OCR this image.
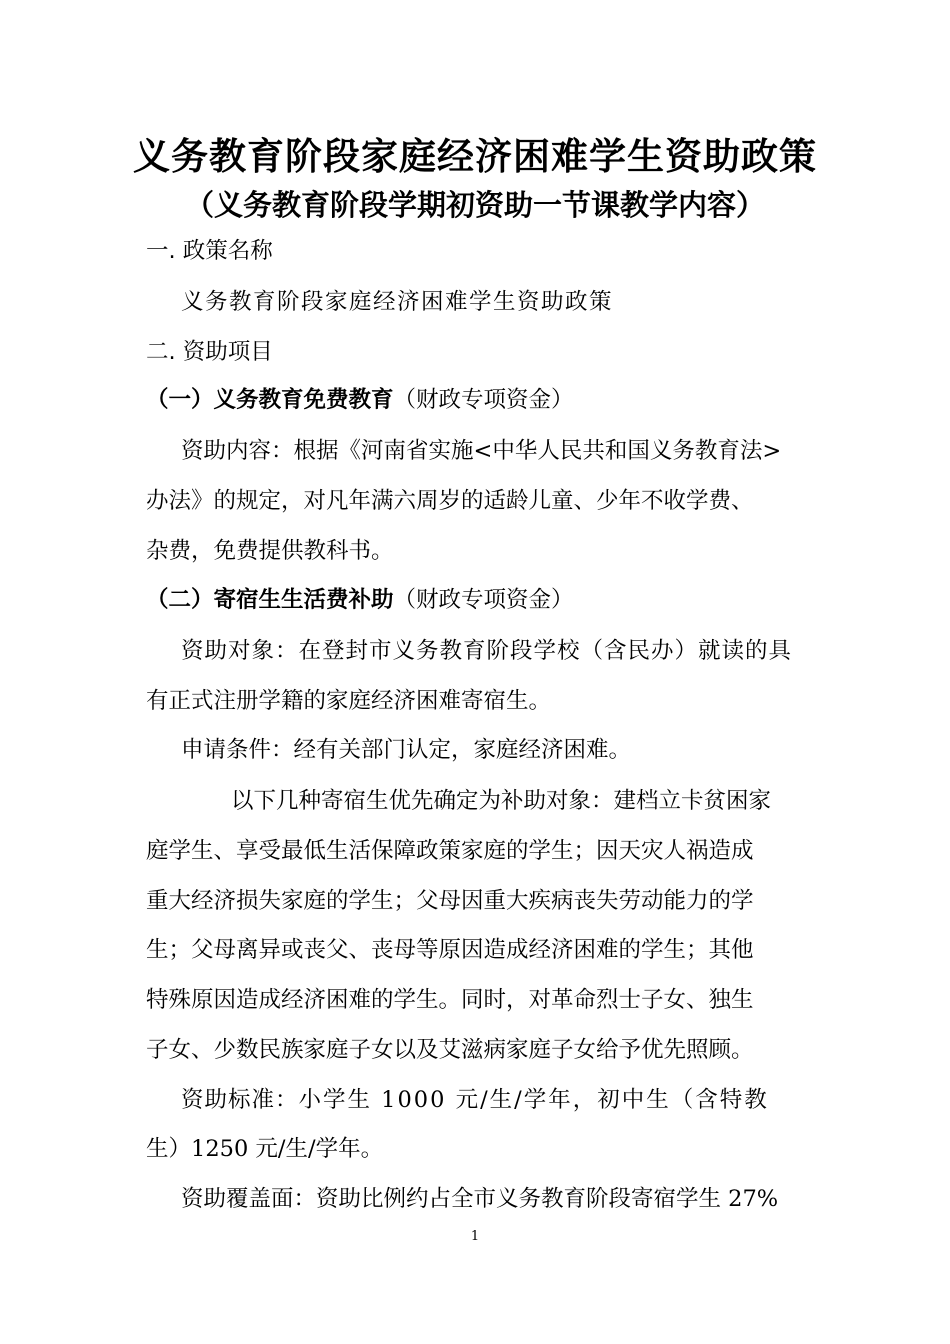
义务教育阶段家庭经济困难学生资助政策
（义务教育阶段学期初资助一节课教学内容）
一. 政策名称
义务教育阶段家庭经济困难学生资助政策
二. 资助项目
（一）义务教育免费教育（财政专项资金）
资助内容：根据《河南省实施<中华人民共和国义务教育法>
办法》的规定，对凡年满六周岁的适龄儿童、少年不收学费、
杂费，免费提供教科书。
（二）寄宿生生活费补助（财政专项资金）
资助对象：在登封市义务教育阶段学校（含民办）就读的具
有正式注册学籍的家庭经济困难寄宿生。
申请条件：经有关部门认定，家庭经济困难。
以下几种寄宿生优先确定为补助对象：建档立卡贫困家
庭学生、享受最低生活保障政策家庭的学生；因天灾人祸造成
重大经济损失家庭的学生；父母因重大疾病丧失劳动能力的学
生；父母离异或丧父、丧母等原因造成经济困难的学生；其他
特殊原因造成经济困难的学生。同时，对革命烈士子女、独生
子女、少数民族家庭子女以及艾滋病家庭子女给予优先照顾。
资助标准：小学生 1000 元/生/学年，初中生（含特教
生）1250 元/生/学年。
资助覆盖面：资助比例约占全市义务教育阶段寄宿学生 27%
1
